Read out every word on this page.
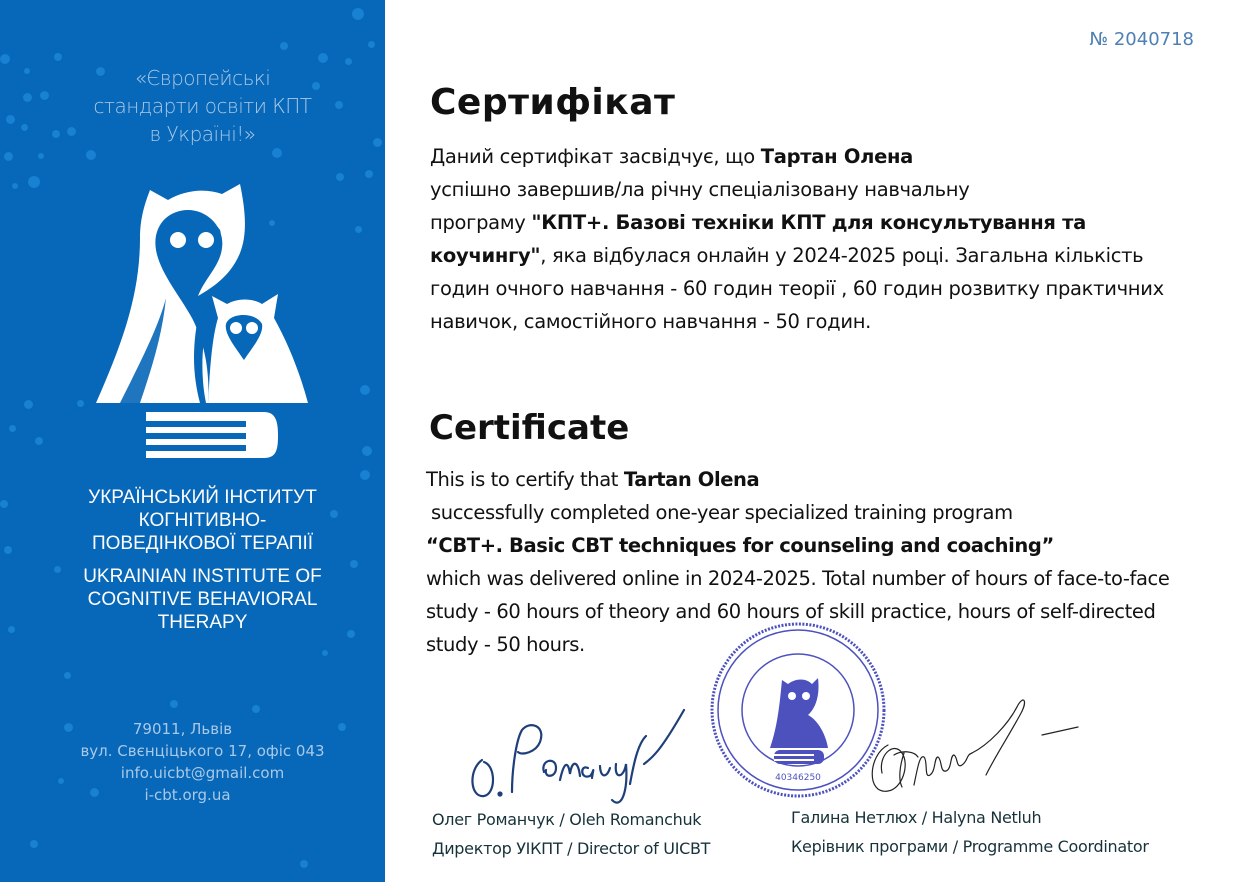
«Європейські
стандарти освіти КПТ
в Україні!»
УКРАЇНСЬКИЙ ІНСТИТУТ
КОГНІТИВНО-
ПОВЕДІНКОВОЇ ТЕРАПІЇ
UKRAINIAN INSTITUTE OF
COGNITIVE BEHAVIORAL
THERAPY
79011, Львів
вул. Свєнціцького 17, офіс 043
info.uicbt@gmail.com
i-cbt.org.ua
№ 2040718
Сертифікат
Даний сертифікат засвідчує, що Тартан Олена
успішно завершив/ла річну спеціалізовану навчальну
програму "КПТ+. Базові техніки КПТ для консультування та коучингу", яка відбулася онлайн у 2024-2025 році. Загальна кількість годин очного навчання - 60 годин теорії , 60 годин розвитку практичних навичок, самостійного навчання - 50 годин.
Certificate
This is to certify that Tartan Olena
successfully completed one-year specialized training program
“CBT+. Basic CBT techniques for counseling and coaching”
which was delivered online in 2024-2025. Total number of hours of face-to-face study - 60 hours of theory and 60 hours of skill practice, hours of self-directed study - 50 hours.
40346250
Олег Романчук / Oleh Romanchuk
Директор УІКПТ / Director of UICBT
Галина Нетлюх / Halyna Netluh
Керівник програми / Programme Coordinator
